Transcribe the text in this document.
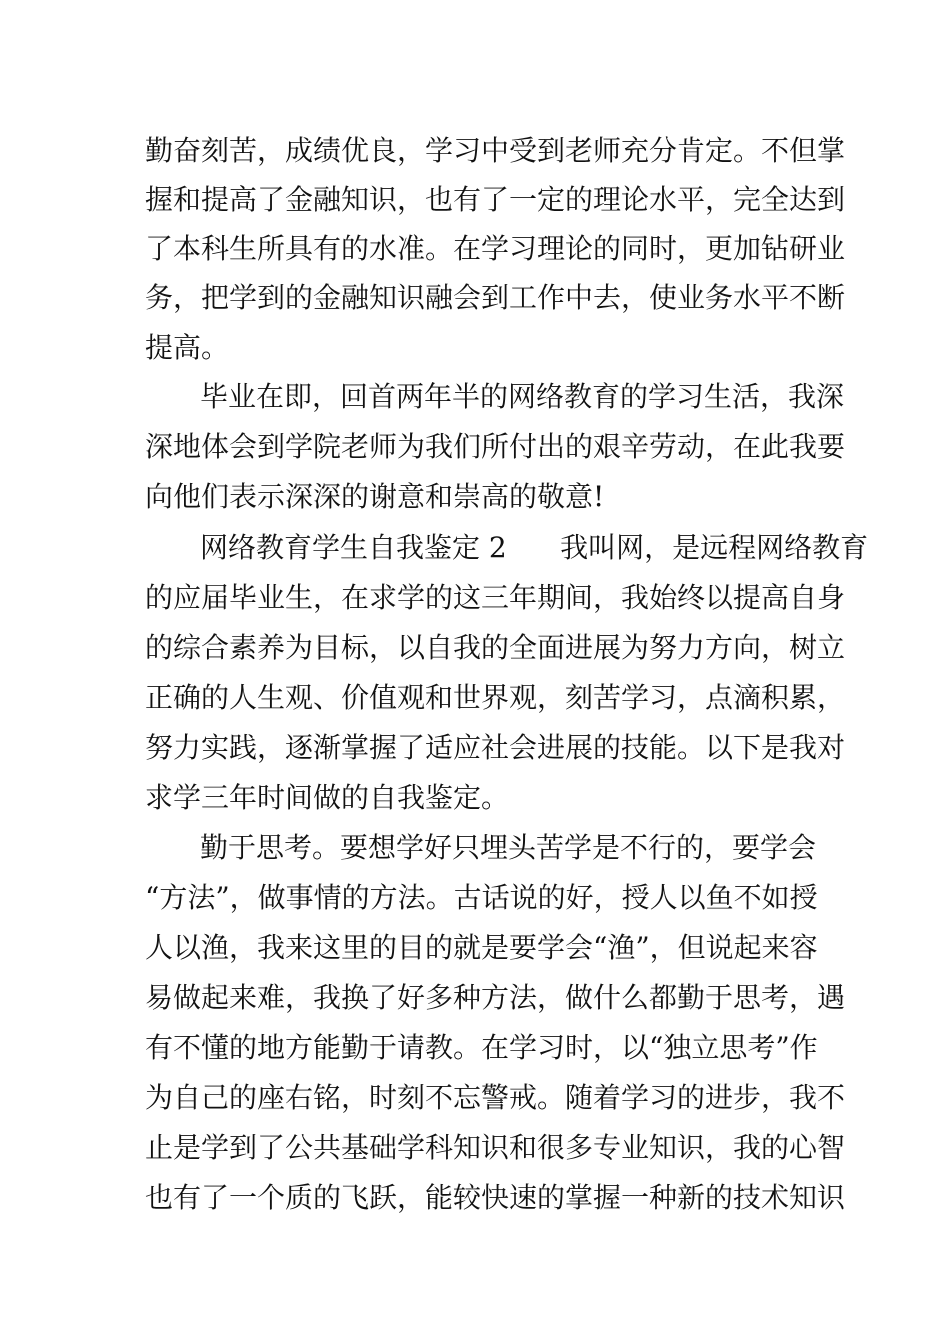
勤奋刻苦，成绩优良，学习中受到老师充分肯定。不但掌
握和提高了金融知识，也有了一定的理论水平，完全达到
了本科生所具有的水准。在学习理论的同时，更加钻研业
务，把学到的金融知识融会到工作中去，使业务水平不断
提高。
毕业在即，回首两年半的网络教育的学习生活，我深
深地体会到学院老师为我们所付出的艰辛劳动，在此我要
向他们表示深深的谢意和崇高的敬意!
网络教育学生自我鉴定 2      我叫网，是远程网络教育
的应届毕业生，在求学的这三年期间，我始终以提高自身
的综合素养为目标，以自我的全面进展为努力方向，树立
正确的人生观、价值观和世界观，刻苦学习，点滴积累，
努力实践，逐渐掌握了适应社会进展的技能。以下是我对
求学三年时间做的自我鉴定。
勤于思考。要想学好只埋头苦学是不行的，要学会
“方法”，做事情的方法。古话说的好，授人以鱼不如授
人以渔，我来这里的目的就是要学会“渔”，但说起来容
易做起来难，我换了好多种方法，做什么都勤于思考，遇
有不懂的地方能勤于请教。在学习时，以“独立思考”作
为自己的座右铭，时刻不忘警戒。随着学习的进步，我不
止是学到了公共基础学科知识和很多专业知识，我的心智
也有了一个质的飞跃，能较快速的掌握一种新的技术知识
